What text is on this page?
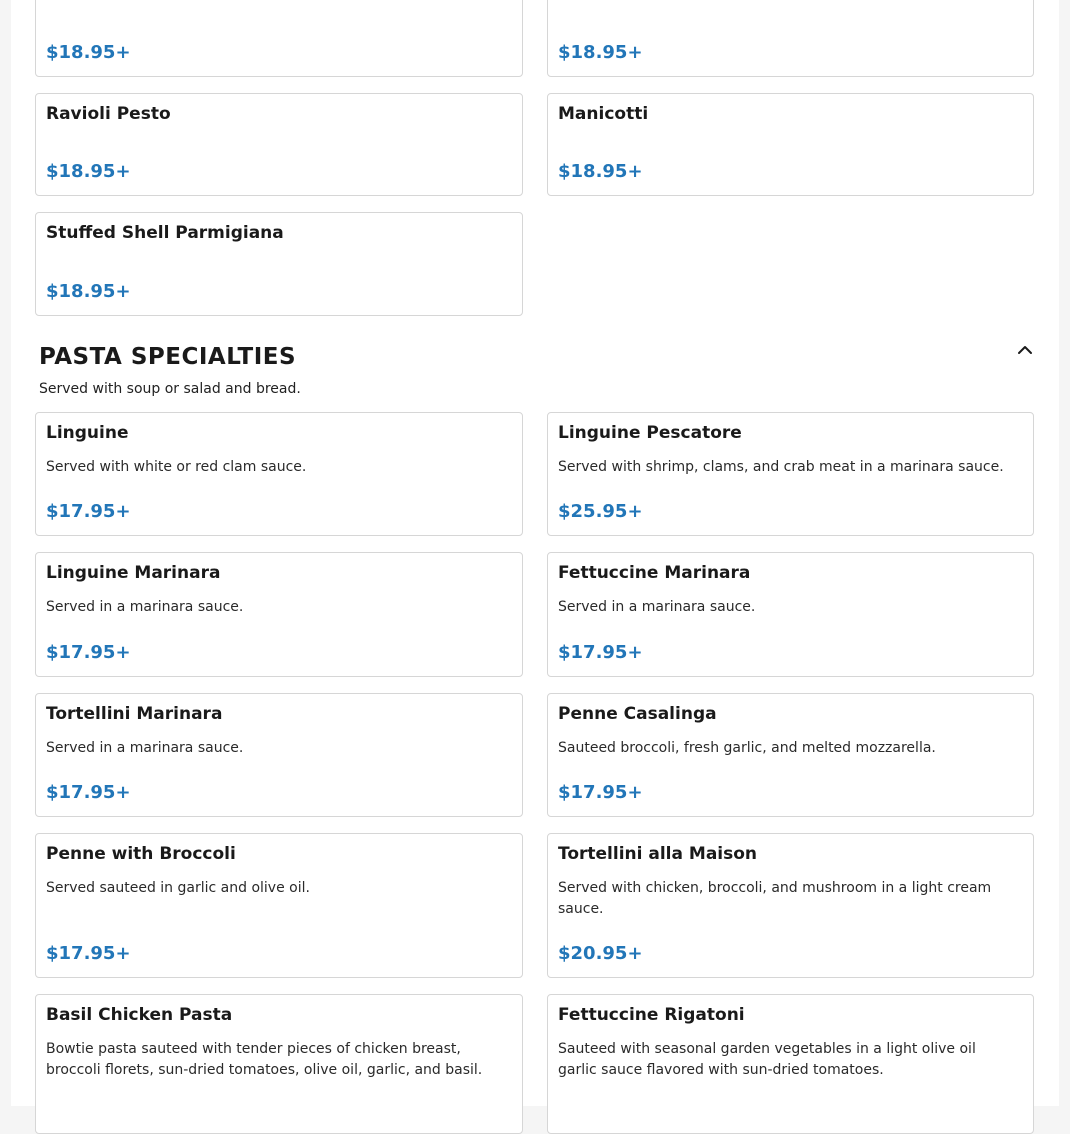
$18.95+	$18.95+
Ravioli Pesto
$18.95+
Manicotti
$18.95+
Stuffed Shell Parmigiana
$18.95+
PASTA SPECIALTIES
Served with soup or salad and bread.
Linguine
Served with white or red clam sauce.
$17.95+
Linguine Pescatore
Served with shrimp, clams, and crab meat in a marinara sauce.
$25.95+
Linguine Marinara
Served in a marinara sauce.
$17.95+
Fettuccine Marinara
Served in a marinara sauce.
$17.95+
Tortellini Marinara
Served in a marinara sauce.
$17.95+
Penne Casalinga
Sauteed broccoli, fresh garlic, and melted mozzarella.
$17.95+
Penne with Broccoli
Served sauteed in garlic and olive oil.
$17.95+
Tortellini alla Maison
Served with chicken, broccoli, and mushroom in a light cream sauce.
$20.95+
Basil Chicken Pasta
Bowtie pasta sauteed with tender pieces of chicken breast, broccoli florets, sun-dried tomatoes, olive oil, garlic, and basil.
Fettuccine Rigatoni
Sauteed with seasonal garden vegetables in a light olive oil garlic sauce flavored with sun-dried tomatoes.
